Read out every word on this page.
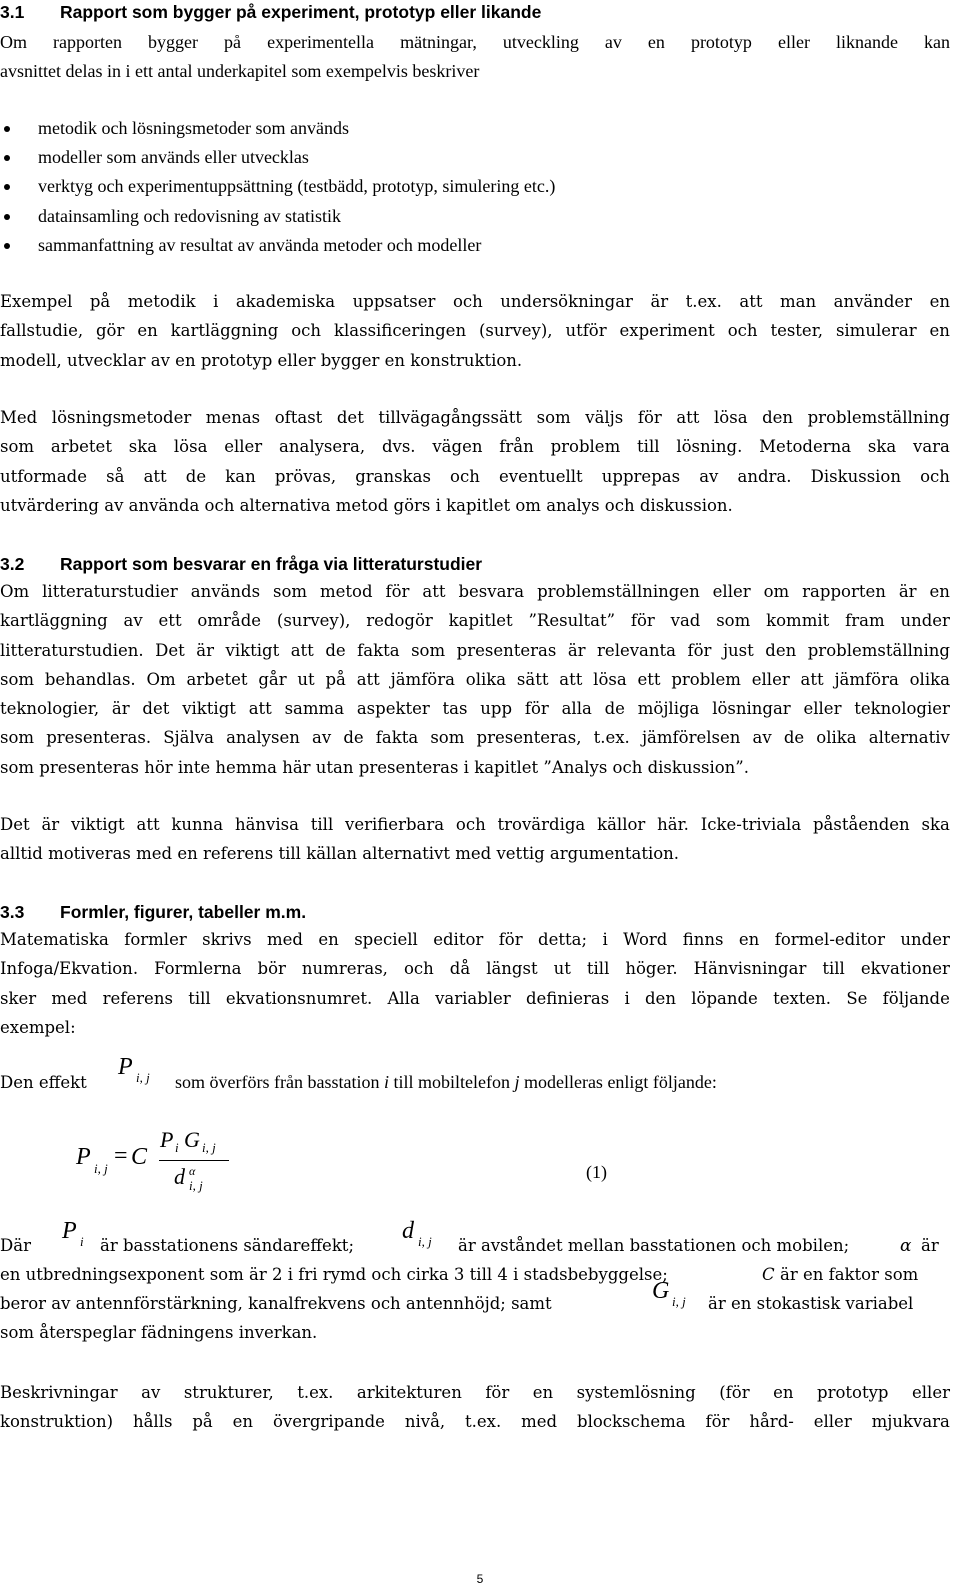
3.1 Rapport som bygger på experiment, prototyp eller likande
Om rapporten bygger på experimentella mätningar, utveckling av en prototyp eller liknande kan
avsnittet delas in i ett antal underkapitel som exempelvis beskriver
metodik och lösningsmetoder som används
modeller som används eller utvecklas
verktyg och experimentuppsättning (testbädd, prototyp, simulering etc.)
datainsamling och redovisning av statistik
sammanfattning av resultat av använda metoder och modeller
Exempel på metodik i akademiska uppsatser och undersökningar är t.ex. att man använder en
fallstudie, gör en kartläggning och klassificeringen (survey), utför experiment och tester, simulerar en
modell, utvecklar av en prototyp eller bygger en konstruktion.
Med lösningsmetoder menas oftast det tillvägagångssätt som väljs för att lösa den problemställning
som arbetet ska lösa eller analysera, dvs. vägen från problem till lösning. Metoderna ska vara
utformade så att de kan prövas, granskas och eventuellt upprepas av andra. Diskussion och
utvärdering av använda och alternativa metod görs i kapitlet om analys och diskussion.
3.2 Rapport som besvarar en fråga via litteraturstudier
Om litteraturstudier används som metod för att besvara problemställningen eller om rapporten är en
kartläggning av ett område (survey), redogör kapitlet ”Resultat” för vad som kommit fram under
litteraturstudien. Det är viktigt att de fakta som presenteras är relevanta för just den problemställning
som behandlas. Om arbetet går ut på att jämföra olika sätt att lösa ett problem eller att jämföra olika
teknologier, är det viktigt att samma aspekter tas upp för alla de möjliga lösningar eller teknologier
som presenteras. Själva analysen av de fakta som presenteras, t.ex. jämförelsen av de olika alternativ
som presenteras hör inte hemma här utan presenteras i kapitlet ”Analys och diskussion”.
Det är viktigt att kunna hänvisa till verifierbara och trovärdiga källor här. Icke-triviala påståenden ska
alltid motiveras med en referens till källan alternativt med vettig argumentation.
3.3 Formler, figurer, tabeller m.m.
Matematiska formler skrivs med en speciell editor för detta; i Word finns en formel-editor under
Infoga/Ekvation. Formlerna bör numreras, och då längst ut till höger. Hänvisningar till ekvationer
sker med referens till ekvationsnumret. Alla variabler definieras i den löpande texten. Se följande
exempel:
Den effekt
P i, j som överförs från basstation i till mobiltelefon j modelleras enligt följande:
P i, j = C
P i G i, j
d α
i, j
(1)
Där
P i är basstationens sändareffekt;
d i, j är avståndet mellan basstationen och mobilen;	α är
en utbredningsexponent som är 2 i fri rymd och cirka 3 till 4 i stadsbebyggelse;	C är en faktor som
beror av antennförstärkning, kanalfrekvens och antennhöjd; samt	G i, j är en stokastisk variabel
som återspeglar fädningens inverkan.
Beskrivningar av strukturer, t.ex. arkitekturen för en systemlösning (för en prototyp eller
konstruktion) hålls på en övergripande nivå, t.ex. med blockschema för hård- eller mjukvara
5
